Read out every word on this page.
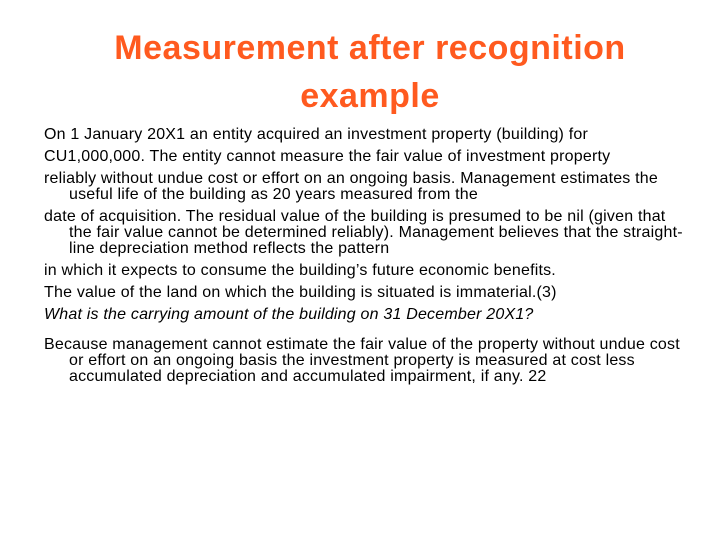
Measurement after recognition
example

On 1 January 20X1 an entity acquired an investment property (building) for

CU1,000,000. The entity cannot measure the fair value of investment property

reliably without undue cost or effort on an ongoing basis. Management estimates the useful life of the building as 20 years measured from the

date of acquisition. The residual value of the building is presumed to be nil (given that the fair value cannot be determined reliably). Management believes that the straight-line depreciation method reflects the pattern

in which it expects to consume the building’s future economic benefits.

The value of the land on which the building is situated is immaterial.(3)

What is the carrying amount of the building on 31 December 20X1?

Because management cannot estimate the fair value of the property without undue cost or effort on an ongoing basis the investment property is measured at cost less accumulated depreciation and accumulated impairment, if any. 22
